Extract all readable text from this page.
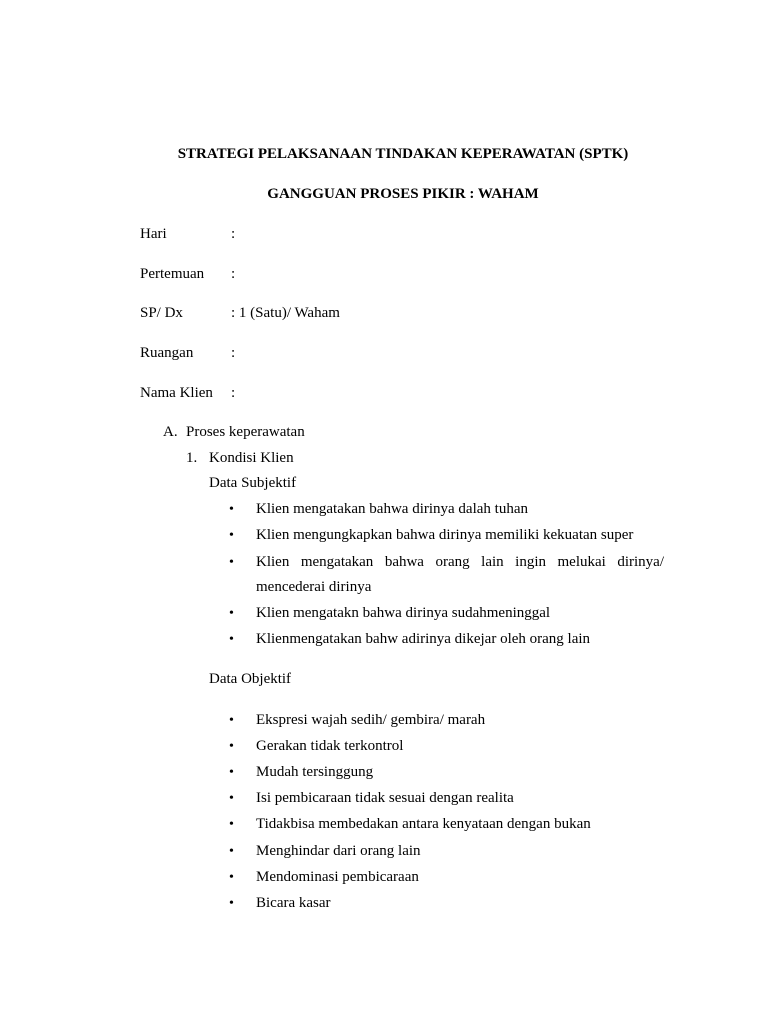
STRATEGI PELAKSANAAN TINDAKAN KEPERAWATAN (SPTK)
GANGGUAN PROSES PIKIR : WAHAM
Hari	:
Pertemuan :
SP/ Dx	: 1 (Satu)/ Waham
Ruangan	:
Nama Klien :
A. Proses keperawatan
1. Kondisi Klien
Data Subjektif
• Klien mengatakan bahwa dirinya dalah tuhan
• Klien mengungkapkan bahwa dirinya memiliki kekuatan super
• Klien mengatakan bahwa orang lain ingin melukai dirinya/
mencederai dirinya
• Klien mengatakn bahwa dirinya sudahmeninggal
• Klienmengatakan bahw adirinya dikejar oleh orang lain
Data Objektif
• Ekspresi wajah sedih/ gembira/ marah
• Gerakan tidak terkontrol
• Mudah tersinggung
• Isi pembicaraan tidak sesuai dengan realita
• Tidakbisa membedakan antara kenyataan dengan bukan
• Menghindar dari orang lain
• Mendominasi pembicaraan
• Bicara kasar
